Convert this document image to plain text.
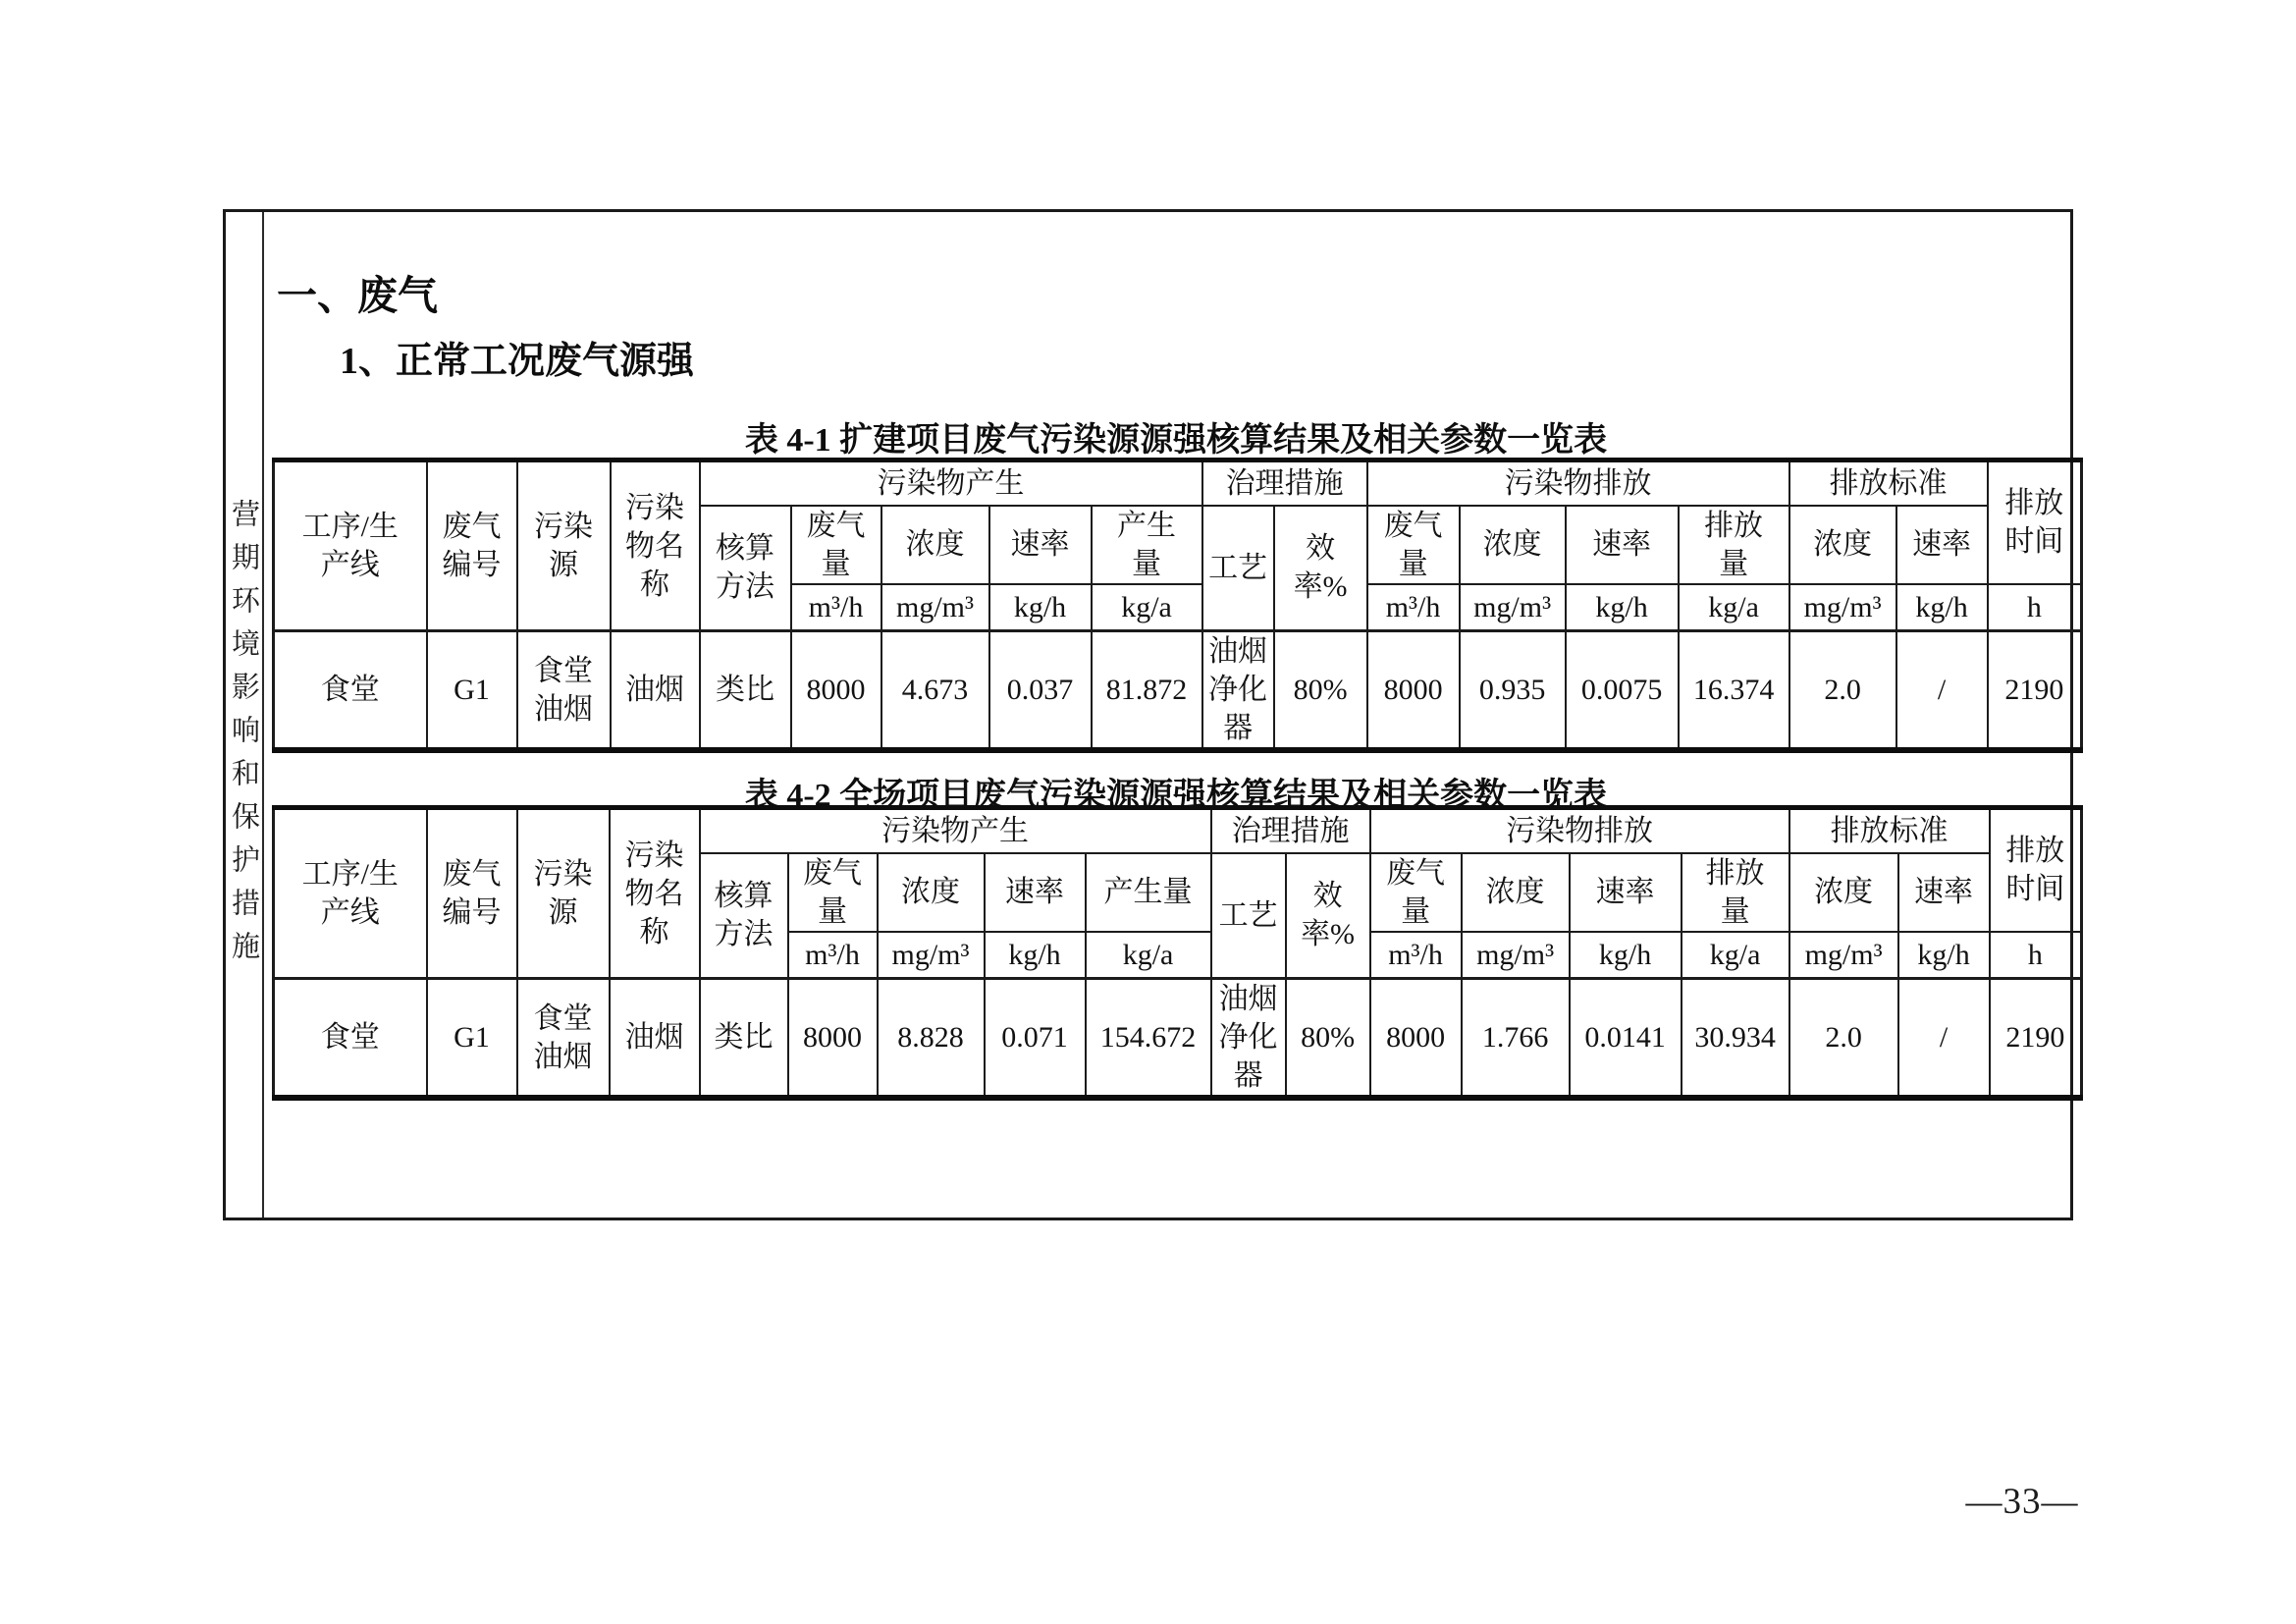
营期环境影响和保护措施
一、废气
1、正常工况废气源强
表 4-1 扩建项目废气污染源源强核算结果及相关参数一览表
工序/生产线	废气编号	污染源	污染物名称	污染物产生					治理措施		污染物排放				排放标准		排放时间
				核算方法	废气量	浓度	速率	产生量	工艺	效率%	废气量	浓度	速率	排放量	浓度	速率	
					m³/h	mg/m³	kg/h	kg/a			m³/h	mg/m³	kg/h	kg/a	mg/m³	kg/h	h
食堂	G1	食堂油烟	油烟	类比	8000	4.673	0.037	81.872	油烟净化器	80%	8000	0.935	0.0075	16.374	2.0	/	2190
表 4-2 全场项目废气污染源源强核算结果及相关参数一览表
工序/生产线	废气编号	污染源	污染物名称	污染物产生					治理措施		污染物排放				排放标准		排放时间
				核算方法	废气量	浓度	速率	产生量	工艺	效率%	废气量	浓度	速率	排放量	浓度	速率	
					m³/h	mg/m³	kg/h	kg/a			m³/h	mg/m³	kg/h	kg/a	mg/m³	kg/h	h
食堂	G1	食堂油烟	油烟	类比	8000	8.828	0.071	154.672	油烟净化器	80%	8000	1.766	0.0141	30.934	2.0	/	2190
—33—
